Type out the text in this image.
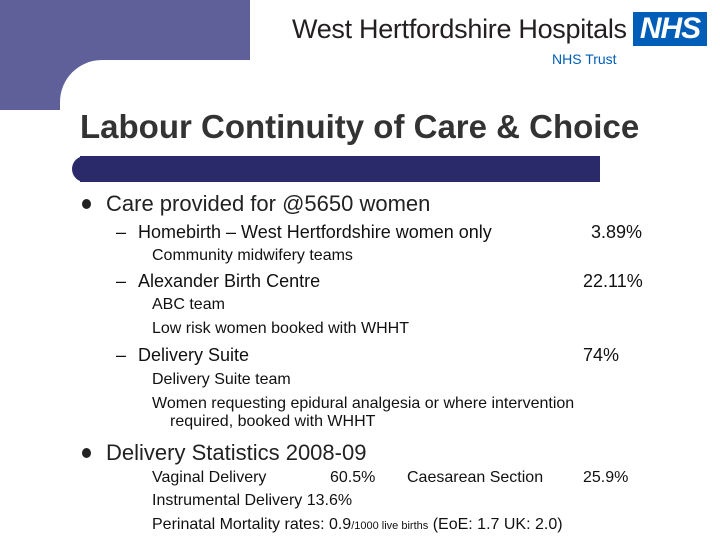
West Hertfordshire Hospitals NHS
NHS Trust
Labour Continuity of Care & Choice
Care provided for @5650 women
– Homebirth – West Hertfordshire women only	3.89%
Community midwifery teams
– Alexander Birth Centre	22.11%
ABC team
Low risk women booked with WHHT
– Delivery Suite	74%
Delivery Suite team
Women requesting epidural analgesia or where intervention
required, booked with WHHT
Delivery Statistics 2008-09
Vaginal Delivery	60.5% Caesarean Section 25.9%
Instrumental Delivery 13.6%
Perinatal Mortality rates: 0.9/1000 live births (EoE: 1.7 UK: 2.0)
